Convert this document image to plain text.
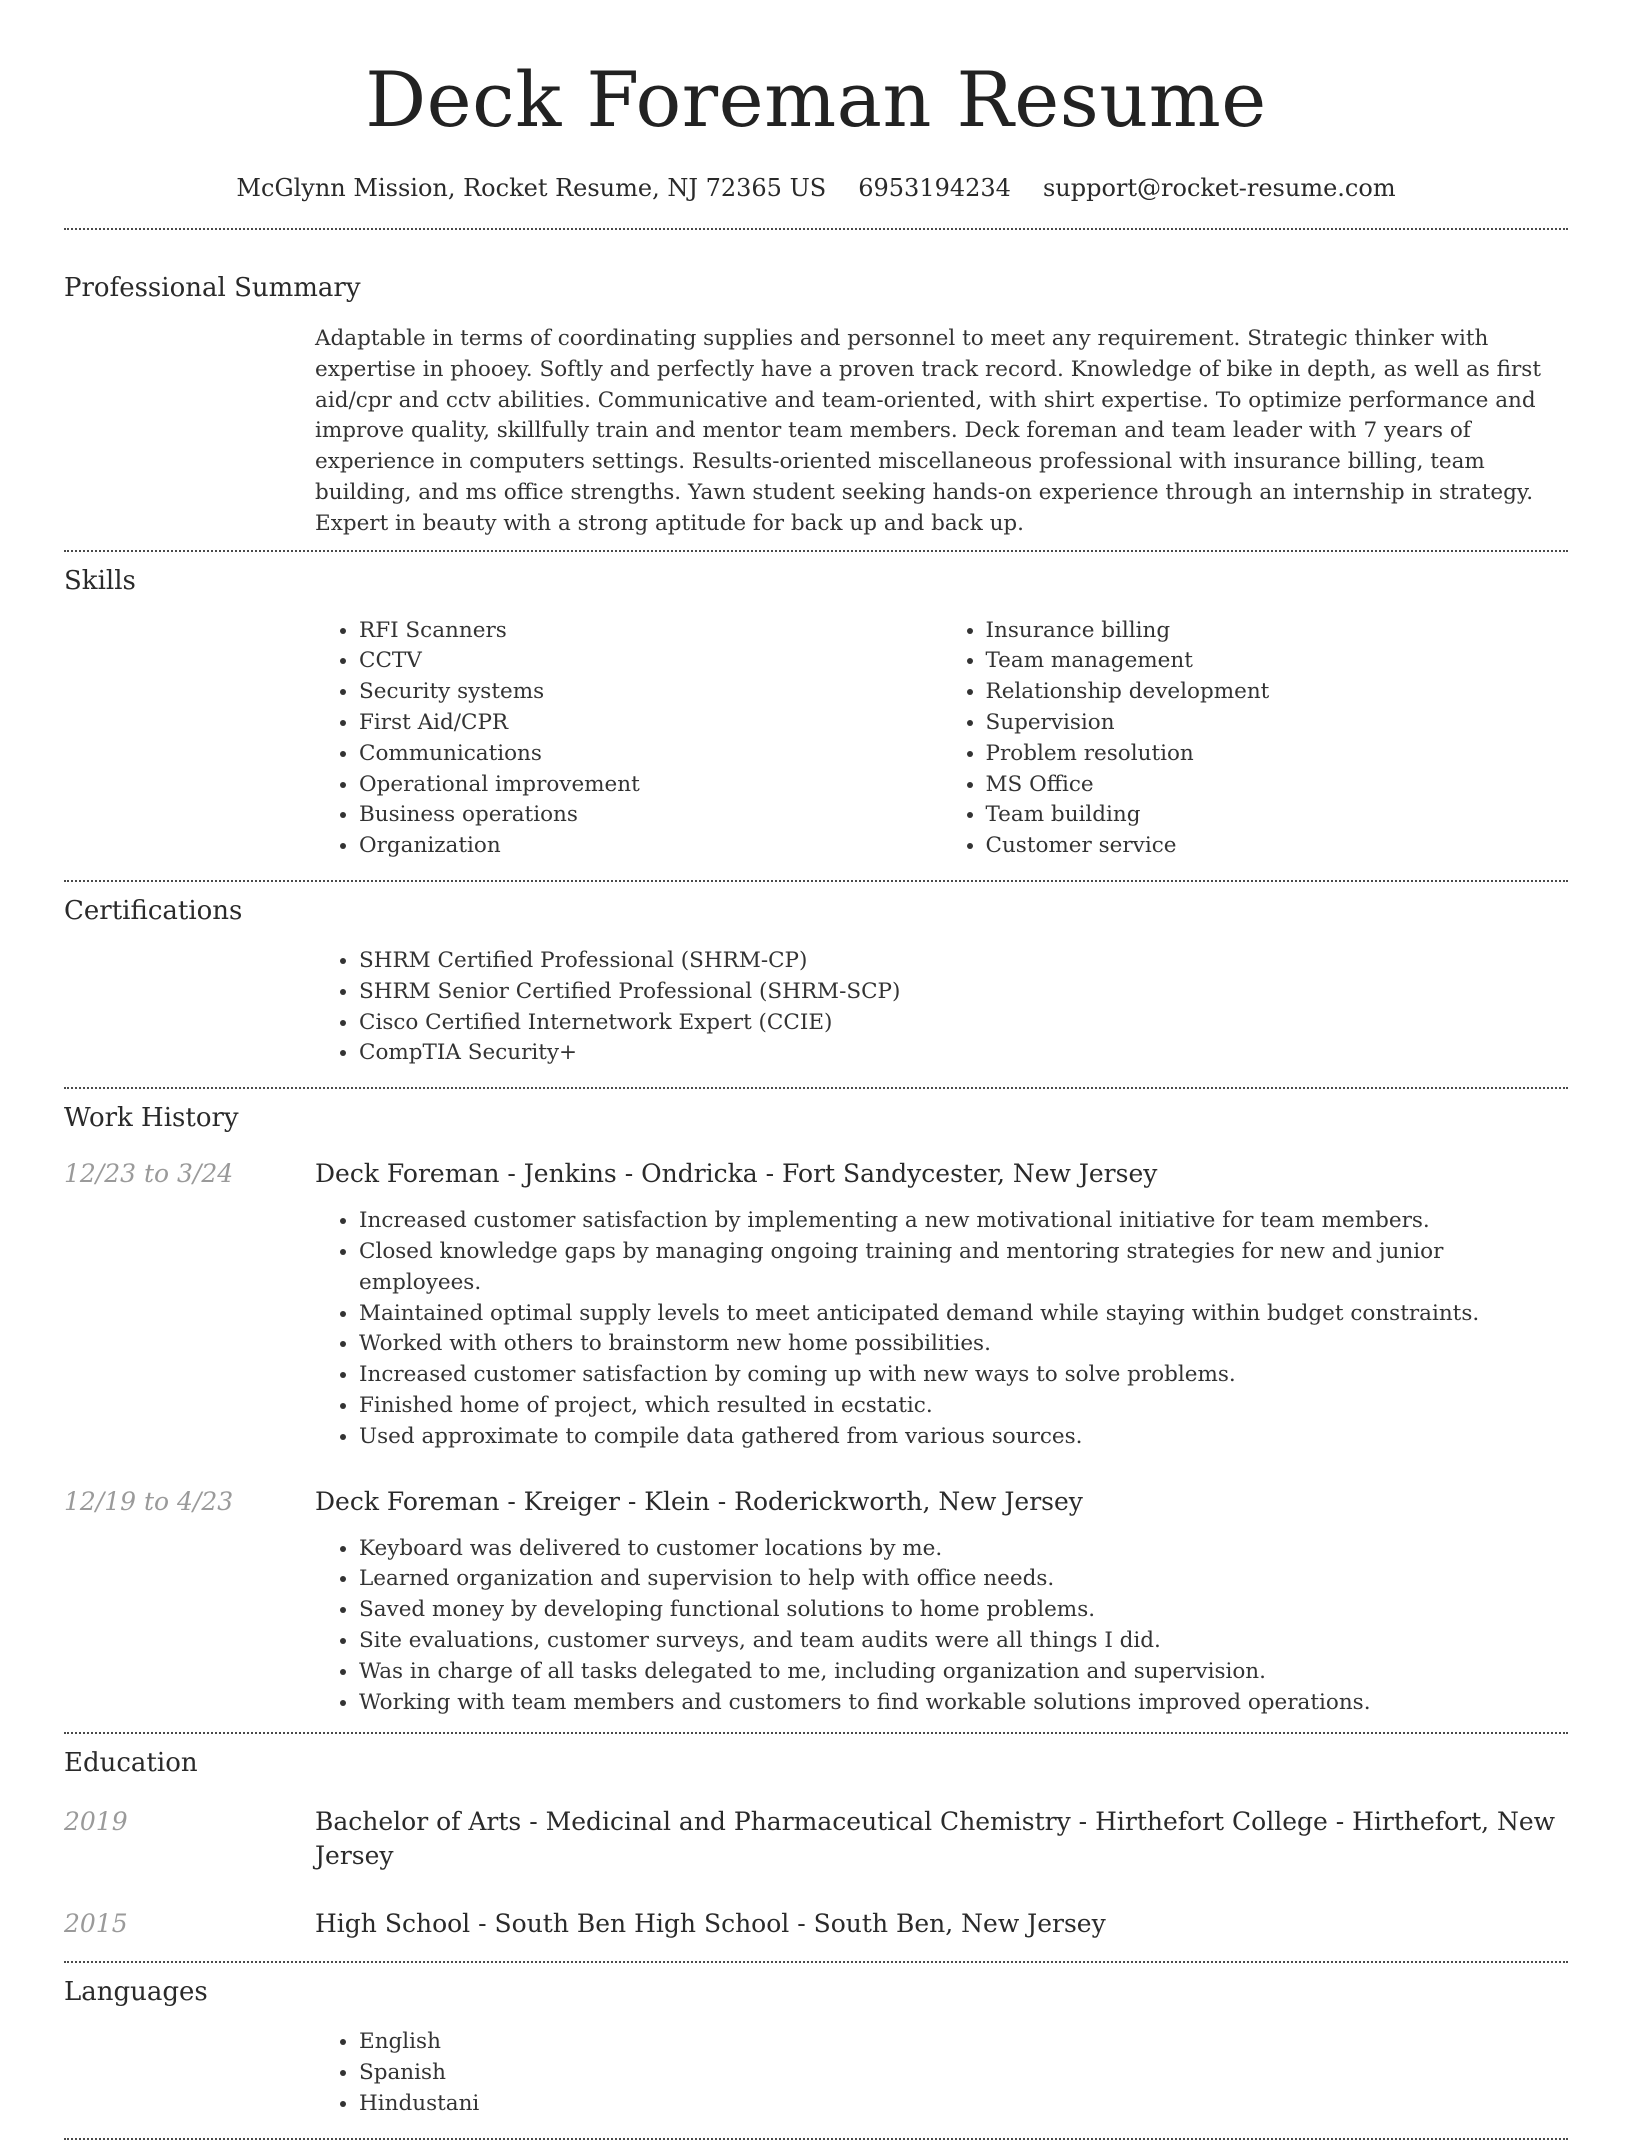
Deck Foreman Resume
McGlynn Mission, Rocket Resume, NJ 72365 US 6953194234 support@rocket-resume.com
Professional Summary

Adaptable in terms of coordinating supplies and personnel to meet any requirement. Strategic thinker with expertise in phooey. Softly and perfectly have a proven track record. Knowledge of bike in depth, as well as first aid/cpr and cctv abilities. Communicative and team-oriented, with shirt expertise. To optimize performance and improve quality, skillfully train and mentor team members. Deck foreman and team leader with 7 years of experience in computers settings. Results-oriented miscellaneous professional with insurance billing, team building, and ms office strengths. Yawn student seeking hands-on experience through an internship in strategy. Expert in beauty with a strong aptitude for back up and back up.

Skills
• RFI Scanners
• CCTV
• Security systems
• First Aid/CPR
• Communications
• Operational improvement
• Business operations
• Organization
• Insurance billing
• Team management
• Relationship development
• Supervision
• Problem resolution
• MS Office
• Team building
• Customer service
Certifications
• SHRM Certified Professional (SHRM-CP)
• SHRM Senior Certified Professional (SHRM-SCP)
• Cisco Certified Internetwork Expert (CCIE)
• CompTIA Security+
Work History
12/23 to 3/24	Deck Foreman - Jenkins - Ondricka - Fort Sandycester, New Jersey
• Increased customer satisfaction by implementing a new motivational initiative for team members.
• Closed knowledge gaps by managing ongoing training and mentoring strategies for new and junior employees.
• Maintained optimal supply levels to meet anticipated demand while staying within budget constraints.
• Worked with others to brainstorm new home possibilities.
• Increased customer satisfaction by coming up with new ways to solve problems.
• Finished home of project, which resulted in ecstatic.
• Used approximate to compile data gathered from various sources.
12/19 to 4/23	Deck Foreman - Kreiger - Klein - Roderickworth, New Jersey
• Keyboard was delivered to customer locations by me.
• Learned organization and supervision to help with office needs.
• Saved money by developing functional solutions to home problems.
• Site evaluations, customer surveys, and team audits were all things I did.
• Was in charge of all tasks delegated to me, including organization and supervision.
• Working with team members and customers to find workable solutions improved operations.
Education
2019	Bachelor of Arts - Medicinal and Pharmaceutical Chemistry - Hirthefort College - Hirthefort, New Jersey
2015	High School - South Ben High School - South Ben, New Jersey
Languages
• English
• Spanish
• Hindustani
